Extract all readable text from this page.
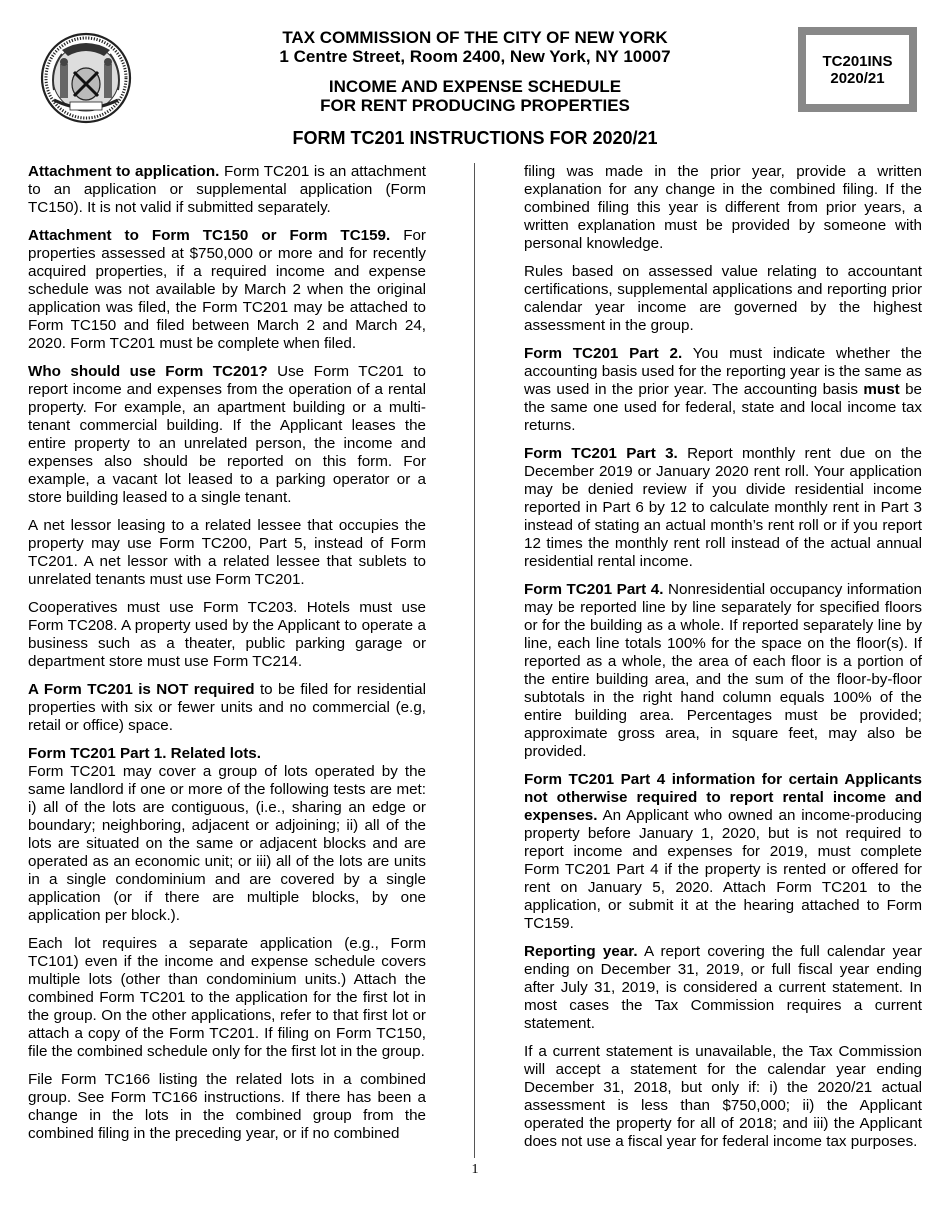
TAX COMMISSION OF THE CITY OF NEW YORK
1 Centre Street, Room 2400, New York, NY 10007
INCOME AND EXPENSE SCHEDULE
FOR RENT PRODUCING PROPERTIES
FORM TC201 INSTRUCTIONS FOR 2020/21
TC201INS
2020/21

Attachment to application. Form TC201 is an attachment to an application or supplemental application (Form TC150). It is not valid if submitted separately.

Attachment to Form TC150 or Form TC159. For properties assessed at $750,000 or more and for recently acquired properties, if a required income and expense schedule was not available by March 2 when the original application was filed, the Form TC201 may be attached to Form TC150 and filed between March 2 and March 24, 2020. Form TC201 must be complete when filed.

Who should use Form TC201? Use Form TC201 to report income and expenses from the operation of a rental property. For example, an apartment building or a multi-tenant commercial building. If the Applicant leases the entire property to an unrelated person, the income and expenses also should be reported on this form. For example, a vacant lot leased to a parking operator or a store building leased to a single tenant.

A net lessor leasing to a related lessee that occupies the property may use Form TC200, Part 5, instead of Form TC201. A net lessor with a related lessee that sublets to unrelated tenants must use Form TC201.

Cooperatives must use Form TC203. Hotels must use Form TC208. A property used by the Applicant to operate a business such as a theater, public parking garage or department store must use Form TC214.

A Form TC201 is NOT required to be filed for residential properties with six or fewer units and no commercial (e.g, retail or office) space.

Form TC201 Part 1. Related lots.

Form TC201 may cover a group of lots operated by the same landlord if one or more of the following tests are met: i) all of the lots are contiguous, (i.e., sharing an edge or boundary; neighboring, adjacent or adjoining; ii) all of the lots are situated on the same or adjacent blocks and are operated as an economic unit; or iii) all of the lots are units in a single condominium and are covered by a single application (or if there are multiple blocks, by one application per block.).

Each lot requires a separate application (e.g., Form TC101) even if the income and expense schedule covers multiple lots (other than condominium units.) Attach the combined Form TC201 to the application for the first lot in the group. On the other applications, refer to that first lot or attach a copy of the Form TC201. If filing on Form TC150, file the combined schedule only for the first lot in the group.

File Form TC166 listing the related lots in a combined group. See Form TC166 instructions. If there has been a change in the lots in the combined group from the combined filing in the preceding year, or if no combined

filing was made in the prior year, provide a written explanation for any change in the combined filing. If the combined filing this year is different from prior years, a written explanation must be provided by someone with personal knowledge.

Rules based on assessed value relating to accountant certifications, supplemental applications and reporting prior calendar year income are governed by the highest assessment in the group.

Form TC201 Part 2. You must indicate whether the accounting basis used for the reporting year is the same as was used in the prior year. The accounting basis must be the same one used for federal, state and local income tax returns.

Form TC201 Part 3. Report monthly rent due on the December 2019 or January 2020 rent roll. Your application may be denied review if you divide residential income reported in Part 6 by 12 to calculate monthly rent in Part 3 instead of stating an actual month’s rent roll or if you report 12 times the monthly rent roll instead of the actual annual residential rental income.

Form TC201 Part 4. Nonresidential occupancy information may be reported line by line separately for specified floors or for the building as a whole. If reported separately line by line, each line totals 100% for the space on the floor(s). If reported as a whole, the area of each floor is a portion of the entire building area, and the sum of the floor-by-floor subtotals in the right hand column equals 100% of the entire building area. Percentages must be provided; approximate gross area, in square feet, may also be provided.

Form TC201 Part 4 information for certain Applicants not otherwise required to report rental income and expenses. An Applicant who owned an income-producing property before January 1, 2020, but is not required to report income and expenses for 2019, must complete Form TC201 Part 4 if the property is rented or offered for rent on January 5, 2020. Attach Form TC201 to the application, or submit it at the hearing attached to Form TC159.

Reporting year. A report covering the full calendar year ending on December 31, 2019, or full fiscal year ending after July 31, 2019, is considered a current statement. In most cases the Tax Commission requires a current statement.

If a current statement is unavailable, the Tax Commission will accept a statement for the calendar year ending December 31, 2018, but only if: i) the 2020/21 actual assessment is less than $750,000; ii) the Applicant operated the property for all of 2018; and iii) the Applicant does not use a fiscal year for federal income tax purposes.

1
